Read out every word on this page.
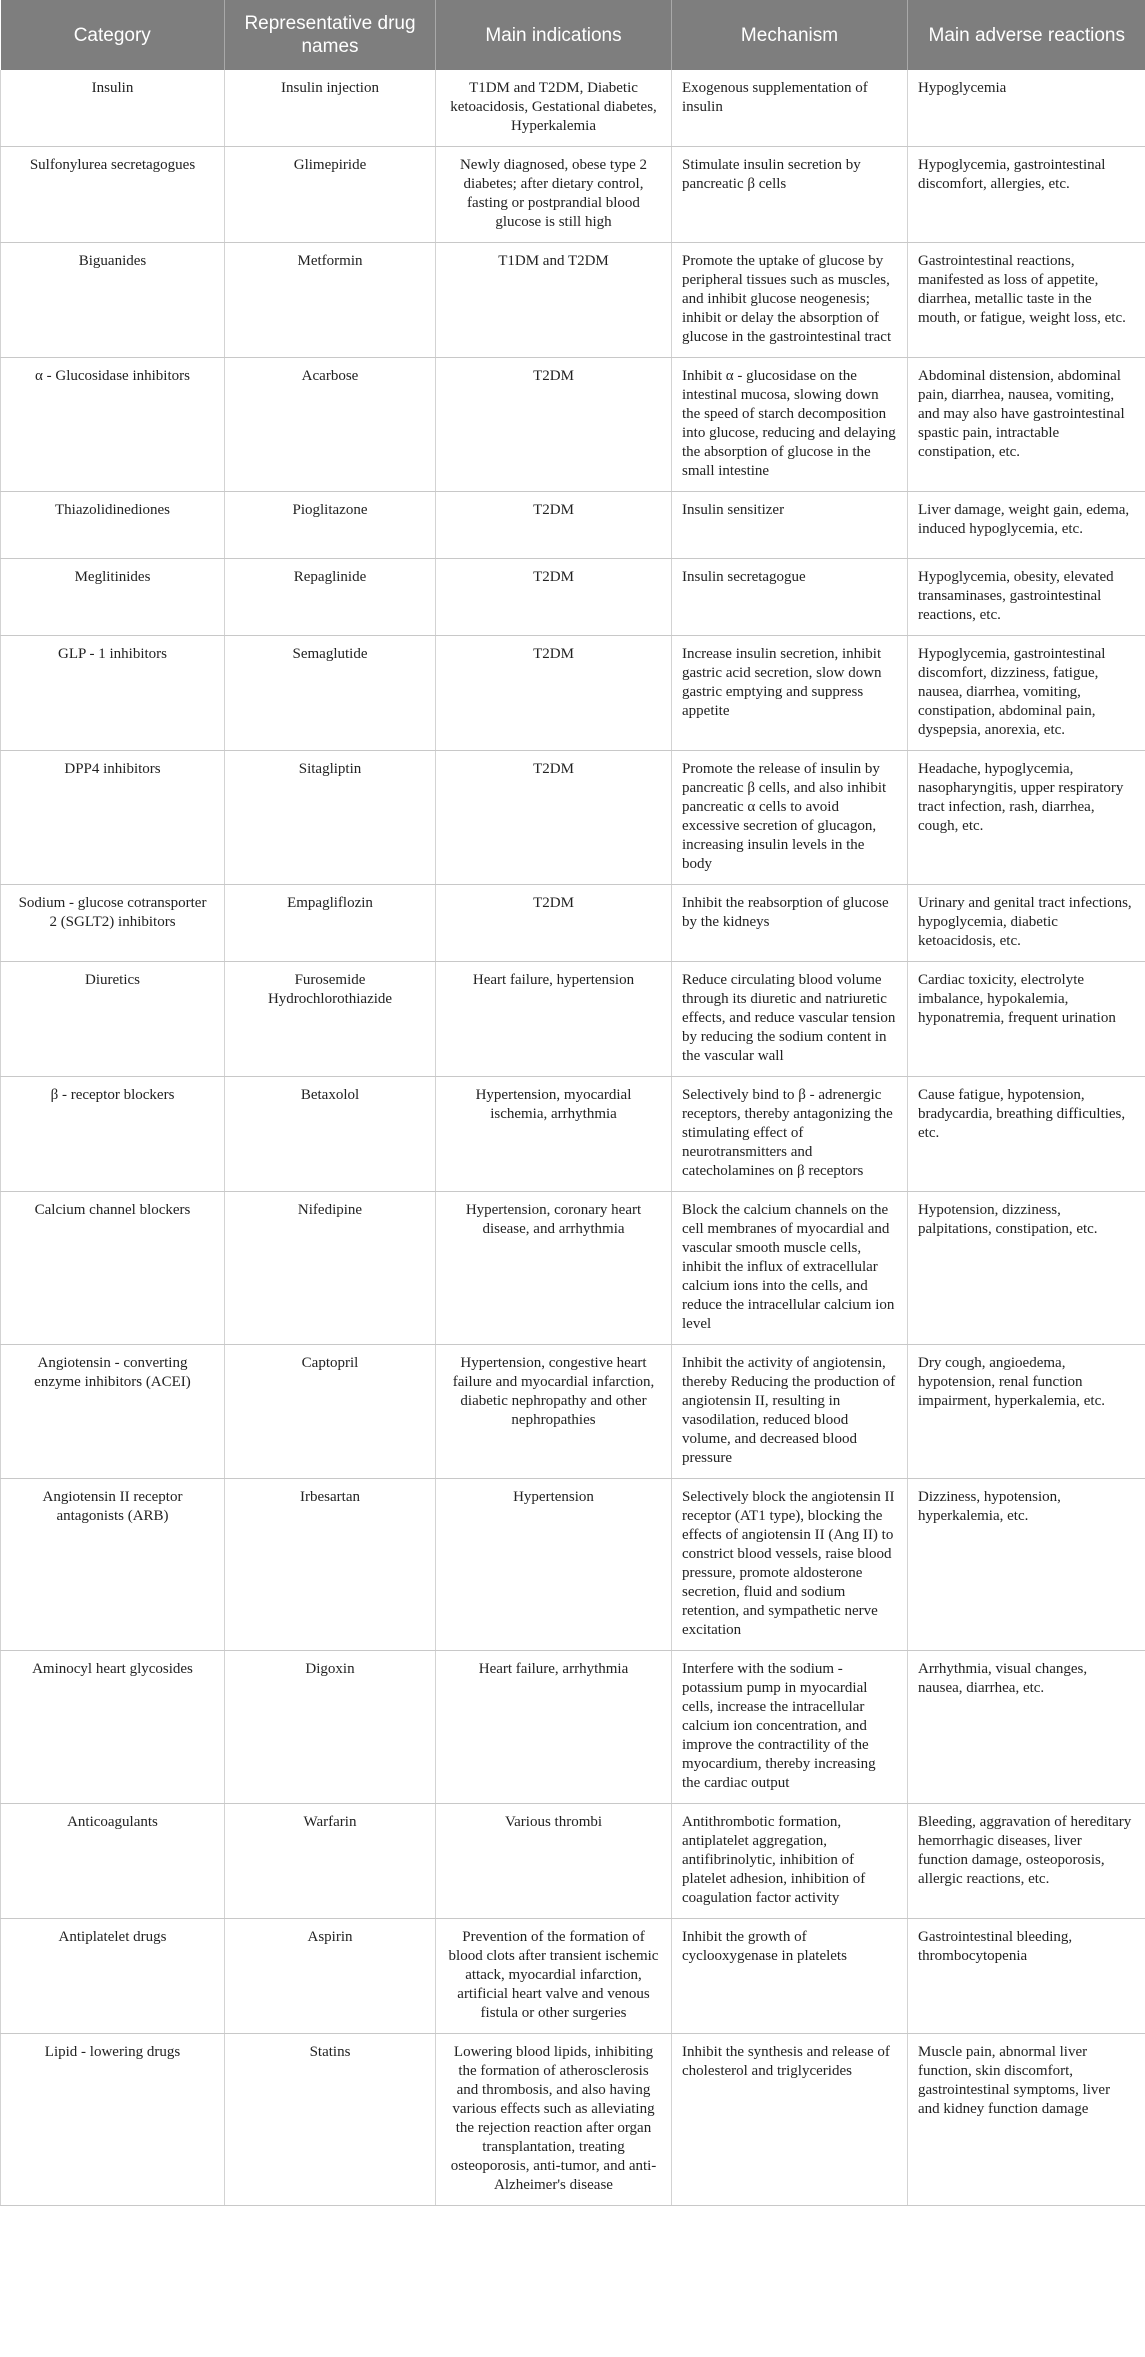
Category	Representative drug names	Main indications	Mechanism	Main adverse reactions
Insulin	Insulin injection	T1DM and T2DM, Diabetic ketoacidosis, Gestational diabetes, Hyperkalemia	Exogenous supplementation of insulin	Hypoglycemia
Sulfonylurea secretagogues	Glimepiride	Newly diagnosed, obese type 2 diabetes; after dietary control, fasting or postprandial blood glucose is still high	Stimulate insulin secretion by pancreatic β cells	Hypoglycemia, gastrointestinal discomfort, allergies, etc.
Biguanides	Metformin	T1DM and T2DM	Promote the uptake of glucose by peripheral tissues such as muscles, and inhibit glucose neogenesis; inhibit or delay the absorption of glucose in the gastrointestinal tract	Gastrointestinal reactions, manifested as loss of appetite, diarrhea, metallic taste in the mouth, or fatigue, weight loss, etc.
α - Glucosidase inhibitors	Acarbose	T2DM	Inhibit α - glucosidase on the intestinal mucosa, slowing down the speed of starch decomposition into glucose, reducing and delaying the absorption of glucose in the small intestine	Abdominal distension, abdominal pain, diarrhea, nausea, vomiting, and may also have gastrointestinal spastic pain, intractable constipation, etc.
Thiazolidinediones	Pioglitazone	T2DM	Insulin sensitizer	Liver damage, weight gain, edema, induced hypoglycemia, etc.
Meglitinides	Repaglinide	T2DM	Insulin secretagogue	Hypoglycemia, obesity, elevated transaminases, gastrointestinal reactions, etc.
GLP - 1 inhibitors	Semaglutide	T2DM	Increase insulin secretion, inhibit gastric acid secretion, slow down gastric emptying and suppress appetite	Hypoglycemia, gastrointestinal discomfort, dizziness, fatigue, nausea, diarrhea, vomiting, constipation, abdominal pain, dyspepsia, anorexia, etc.
DPP4 inhibitors	Sitagliptin	T2DM	Promote the release of insulin by pancreatic β cells, and also inhibit pancreatic α cells to avoid excessive secretion of glucagon, increasing insulin levels in the body	Headache, hypoglycemia, nasopharyngitis, upper respiratory tract infection, rash, diarrhea, cough, etc.
Sodium - glucose cotransporter 2 (SGLT2) inhibitors	Empagliflozin	T2DM	Inhibit the reabsorption of glucose by the kidneys	Urinary and genital tract infections, hypoglycemia, diabetic ketoacidosis, etc.
Diuretics	Furosemide Hydrochlorothiazide	Heart failure, hypertension	Reduce circulating blood volume through its diuretic and natriuretic effects, and reduce vascular tension by reducing the sodium content in the vascular wall	Cardiac toxicity, electrolyte imbalance, hypokalemia, hyponatremia, frequent urination
β - receptor blockers	Betaxolol	Hypertension, myocardial ischemia, arrhythmia	Selectively bind to β - adrenergic receptors, thereby antagonizing the stimulating effect of neurotransmitters and catecholamines on β receptors	Cause fatigue, hypotension, bradycardia, breathing difficulties, etc.
Calcium channel blockers	Nifedipine	Hypertension, coronary heart disease, and arrhythmia	Block the calcium channels on the cell membranes of myocardial and vascular smooth muscle cells, inhibit the influx of extracellular calcium ions into the cells, and reduce the intracellular calcium ion level	Hypotension, dizziness, palpitations, constipation, etc.
Angiotensin - converting enzyme inhibitors (ACEI)	Captopril	Hypertension, congestive heart failure and myocardial infarction, diabetic nephropathy and other nephropathies	Inhibit the activity of angiotensin, thereby Reducing the production of angiotensin II, resulting in vasodilation, reduced blood volume, and decreased blood pressure	Dry cough, angioedema, hypotension, renal function impairment, hyperkalemia, etc.
Angiotensin II receptor antagonists (ARB)	Irbesartan	Hypertension	Selectively block the angiotensin II receptor (AT1 type), blocking the effects of angiotensin II (Ang II) to constrict blood vessels, raise blood pressure, promote aldosterone secretion, fluid and sodium retention, and sympathetic nerve excitation	Dizziness, hypotension, hyperkalemia, etc.
Aminocyl heart glycosides	Digoxin	Heart failure, arrhythmia	Interfere with the sodium - potassium pump in myocardial cells, increase the intracellular calcium ion concentration, and improve the contractility of the myocardium, thereby increasing the cardiac output	Arrhythmia, visual changes, nausea, diarrhea, etc.
Anticoagulants	Warfarin	Various thrombi	Antithrombotic formation, antiplatelet aggregation, antifibrinolytic, inhibition of platelet adhesion, inhibition of coagulation factor activity	Bleeding, aggravation of hereditary hemorrhagic diseases, liver function damage, osteoporosis, allergic reactions, etc.
Antiplatelet drugs	Aspirin	Prevention of the formation of blood clots after transient ischemic attack, myocardial infarction, artificial heart valve and venous fistula or other surgeries	Inhibit the growth of cyclooxygenase in platelets	Gastrointestinal bleeding, thrombocytopenia
Lipid - lowering drugs	Statins	Lowering blood lipids, inhibiting the formation of atherosclerosis and thrombosis, and also having various effects such as alleviating the rejection reaction after organ transplantation, treating osteoporosis, anti-tumor, and anti-Alzheimer's disease	Inhibit the synthesis and release of cholesterol and triglycerides	Muscle pain, abnormal liver function, skin discomfort, gastrointestinal symptoms, liver and kidney function damage
